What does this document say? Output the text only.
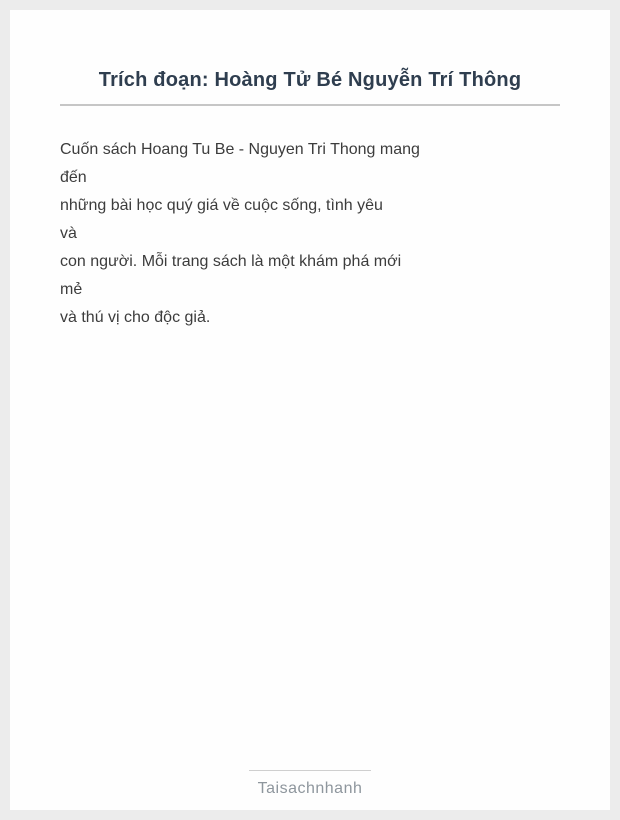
Trích đoạn: Hoàng Tử Bé Nguyễn Trí Thông
Cuốn sách Hoang Tu Be - Nguyen Tri Thong mang
đến
những bài học quý giá về cuộc sống, tình yêu
và
con người. Mỗi trang sách là một khám phá mới
mẻ
và thú vị cho độc giả.
Taisachnhanh
